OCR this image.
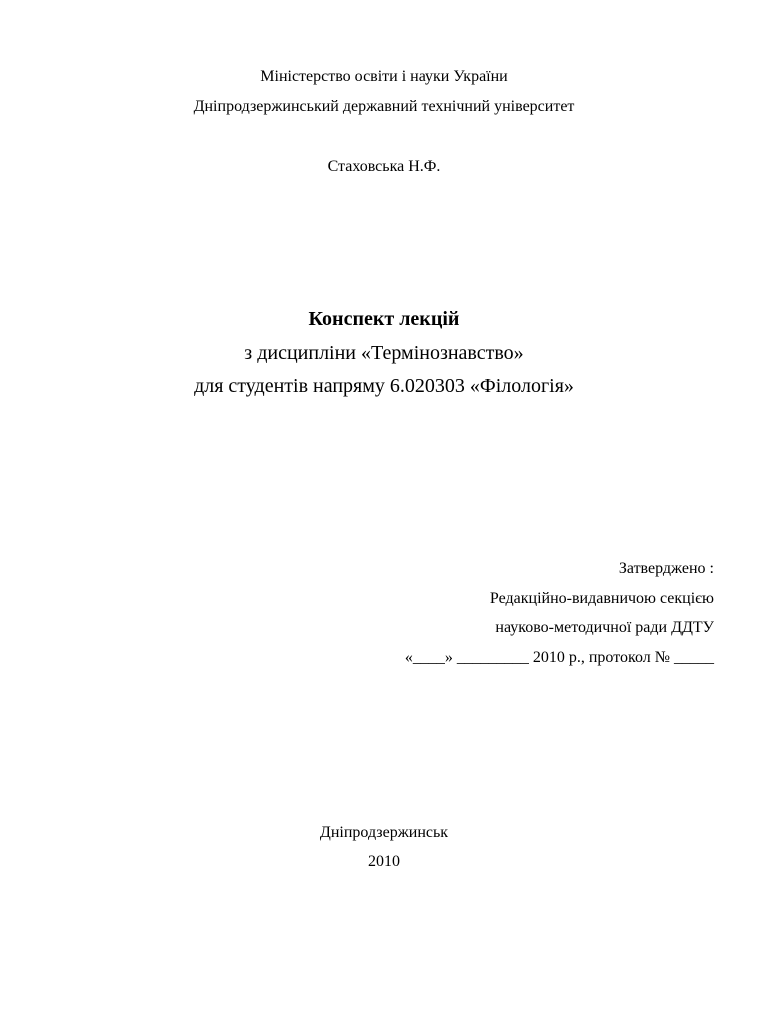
Міністерство освіти і науки України
Дніпродзержинський державний технічний університет
Стаховська Н.Ф.
Конспект лекцій
з дисципліни «Термінознавство»
для студентів напряму 6.020303 «Філологія»
Затверджено :
Редакційно-видавничою секцією
науково-методичної ради ДДТУ
«____» _________ 2010 р., протокол № _____
Дніпродзержинськ
2010
